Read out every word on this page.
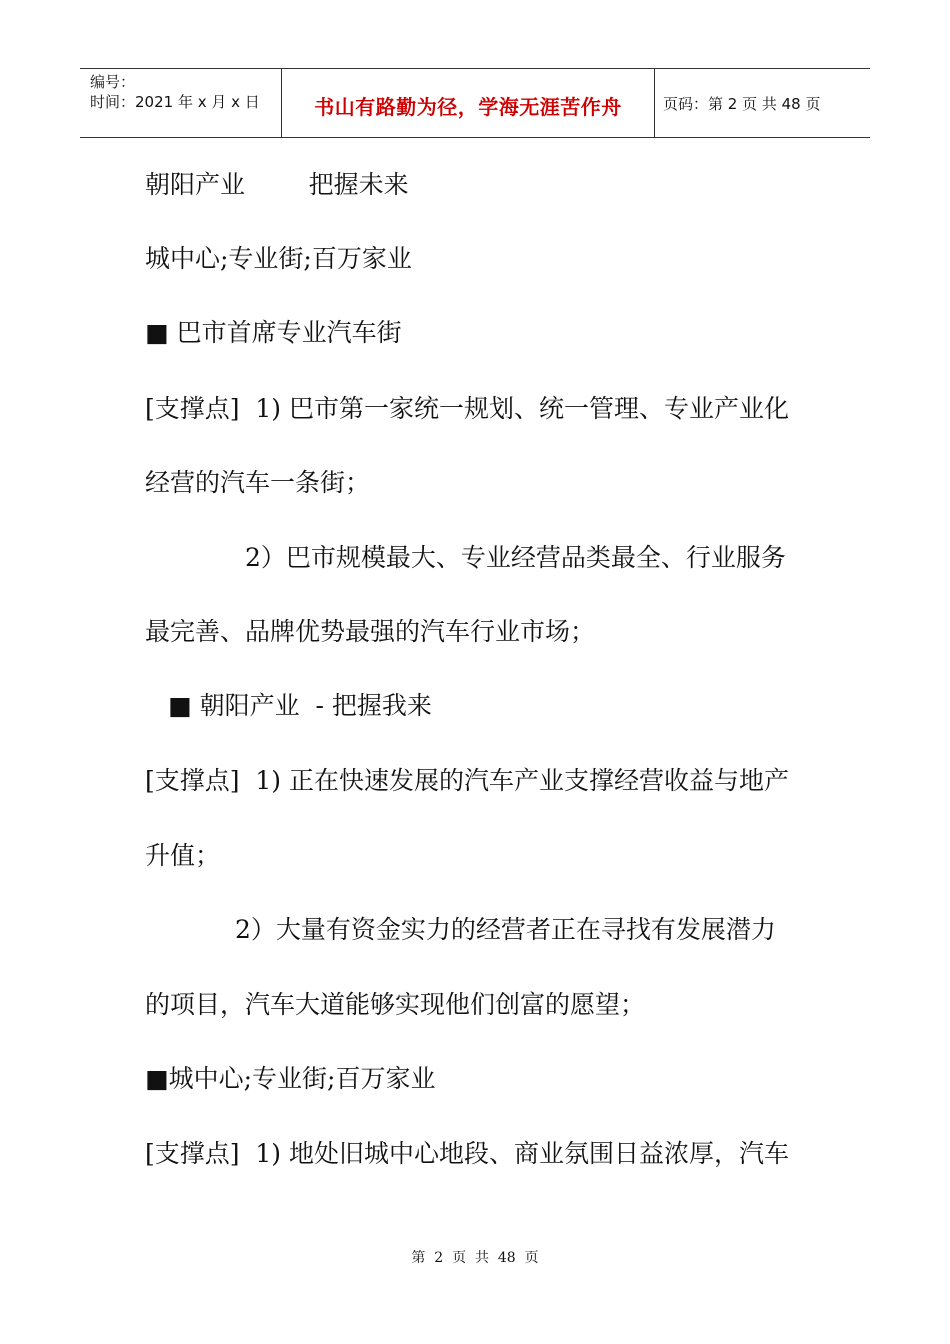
编号：
时间：2021 年 x 月 x 日	书山有路勤为径，学海无涯苦作舟	页码：第 2 页 共 48 页
朝阳产业        把握未来
城中心;专业街;百万家业
■ 巴市首席专业汽车街
[支撑点]  1) 巴市第一家统一规划、统一管理、专业产业化
经营的汽车一条街；
2）巴市规模最大、专业经营品类最全、行业服务
最完善、品牌优势最强的汽车行业市场；
■ 朝阳产业  - 把握我来
[支撑点]  1) 正在快速发展的汽车产业支撑经营收益与地产
升值；
2）大量有资金实力的经营者正在寻找有发展潜力
的项目，汽车大道能够实现他们创富的愿望；
■城中心;专业街;百万家业
[支撑点]  1) 地处旧城中心地段、商业氛围日益浓厚，汽车
第  2  页  共  48  页
